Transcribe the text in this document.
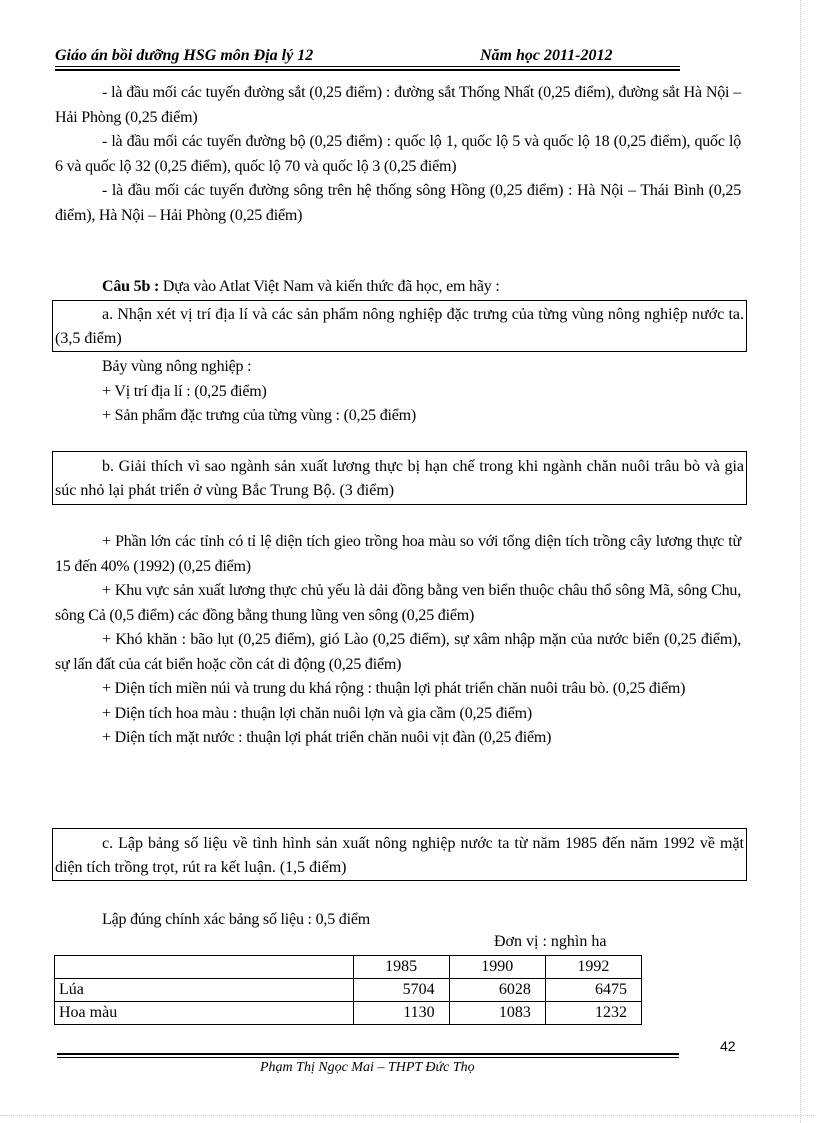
Giáo án bồi dưỡng HSG môn Địa lý 12	Năm học 2011-2012

- là đầu mối các tuyến đường sắt (0,25 điểm) : đường sắt Thống Nhất (0,25 điểm), đường sắt Hà Nội – Hải Phòng (0,25 điểm)

- là đầu mối các tuyến đường bộ (0,25 điểm) : quốc lộ 1, quốc lộ 5 và quốc lộ 18 (0,25 điểm), quốc lộ 6 và quốc lộ 32 (0,25 điểm), quốc lộ 70 và quốc lộ 3 (0,25 điểm)

- là đầu mối các tuyến đường sông trên hệ thống sông Hồng (0,25 điểm) : Hà Nội – Thái Bình (0,25 điểm), Hà Nội – Hải Phòng (0,25 điểm)

Câu 5b : Dựa vào Atlat Việt Nam và kiến thức đã học, em hãy :

a. Nhận xét vị trí địa lí và các sản phẩm nông nghiệp đặc trưng của từng vùng nông nghiệp nước ta. (3,5 điểm)

Bảy vùng nông nghiệp :

+ Vị trí địa lí : (0,25 điểm)

+ Sản phẩm đặc trưng của từng vùng : (0,25 điểm)

b. Giải thích vì sao ngành sản xuất lương thực bị hạn chế trong khi ngành chăn nuôi trâu bò và gia súc nhỏ lại phát triển ở vùng Bắc Trung Bộ. (3 điểm)

+ Phần lớn các tỉnh có tỉ lệ diện tích gieo trồng hoa màu so với tổng diện tích trồng cây lương thực từ 15 đến 40% (1992) (0,25 điểm)

+ Khu vực sản xuất lương thực chủ yếu là dải đồng bằng ven biển thuộc châu thổ sông Mã, sông Chu, sông Cả (0,5 điểm) các đồng bằng thung lũng ven sông (0,25 điểm)

+ Khó khăn : bão lụt (0,25 điểm), gió Lào (0,25 điểm), sự xâm nhập mặn của nước biển (0,25 điểm), sự lấn đất của cát biển hoặc cồn cát di động (0,25 điểm)

+ Diện tích miền núi và trung du khá rộng : thuận lợi phát triển chăn nuôi trâu bò. (0,25 điểm)

+ Diện tích hoa màu : thuận lợi chăn nuôi lợn và gia cầm (0,25 điểm)

+ Diện tích mặt nước : thuận lợi phát triển chăn nuôi vịt đàn (0,25 điểm)

c. Lập bảng số liệu về tình hình sản xuất nông nghiệp nước ta từ năm 1985 đến năm 1992 về mặt diện tích trồng trọt, rút ra kết luận. (1,5 điểm)

Lập đúng chính xác bảng số liệu : 0,5 điểm

Đơn vị : nghìn ha
	1985	1990	1992
Lúa	5704	6028	6475
Hoa màu	1130	1083	1232
42
Phạm Thị Ngọc Mai – THPT Đức Thọ
